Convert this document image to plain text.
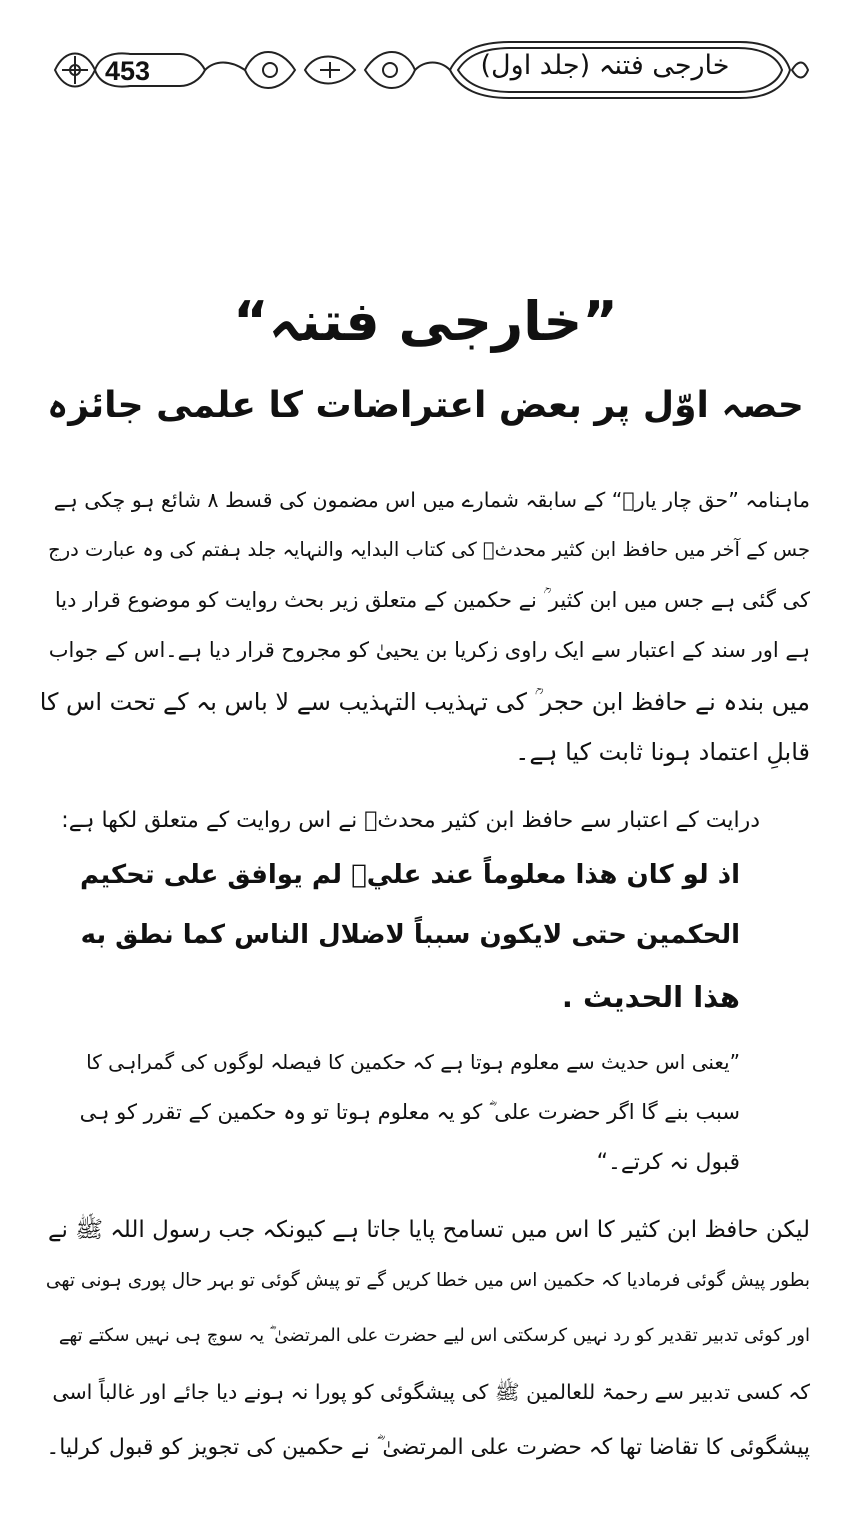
453	خارجی فتنہ (جلد اول)
”خارجی فتنہ“
حصہ اوّل پر بعض اعتراضات کا علمی جائزہ
ماہنامہ ”حق چار یارؓ“ کے سابقہ شمارے میں اس مضمون کی قسط ۸ شائع ہو چکی ہے
جس کے آخر میں حافظ ابن کثیر محدثؒ کی کتاب البدایہ والنہایہ جلد ہفتم کی وہ عبارت درج
کی گئی ہے جس میں ابن کثیر ؒ نے حکمین کے متعلق زیر بحث روایت کو موضوع قرار دیا
ہے اور سند کے اعتبار سے ایک راوی زکریا بن یحییٰ کو مجروح قرار دیا ہے۔اس کے جواب
میں بندہ نے حافظ ابن حجر ؒ کی تہذیب التہذیب سے لا باس بہ کے تحت اس کا
قابلِ اعتماد ہونا ثابت کیا ہے۔
درایت کے اعتبار سے حافظ ابن کثیر محدثؒ نے اس روایت کے متعلق لکھا ہے:
اذ لو كان هذا معلوماً عند عليؓ لم يوافق على تحكيم
الحكمين حتى لايكون سبباً لاضلال الناس كما نطق به
هذا الحديث .
”یعنی اس حدیث سے معلوم ہوتا ہے کہ حکمین کا فیصلہ لوگوں کی گمراہی کا
سبب بنے گا اگر حضرت علی ؓ کو یہ معلوم ہوتا تو وہ حکمین کے تقرر کو ہی
قبول نہ کرتے۔“
لیکن حافظ ابن کثیر کا اس میں تسامح پایا جاتا ہے کیونکہ جب رسول اللہ ﷺ نے
بطور پیش گوئی فرمادیا کہ حکمین اس میں خطا کریں گے تو پیش گوئی تو بہر حال پوری ہونی تھی
اور کوئی تدبیر تقدیر کو رد نہیں کرسکتی اس لیے حضرت علی المرتضیٰ ؓ یہ سوچ ہی نہیں سکتے تھے
کہ کسی تدبیر سے رحمۃ للعالمین ﷺ کی پیشگوئی کو پورا نہ ہونے دیا جائے اور غالباً اسی
پیشگوئی کا تقاضا تھا کہ حضرت علی المرتضیٰ ؓ نے حکمین کی تجویز کو قبول کرلیا۔
